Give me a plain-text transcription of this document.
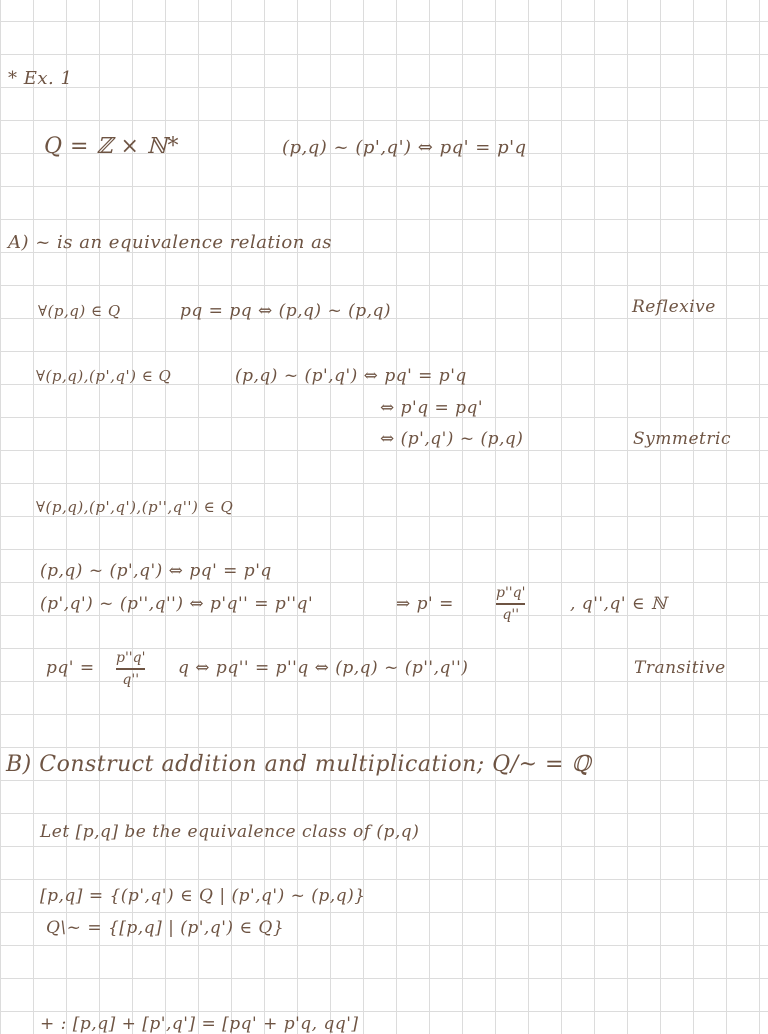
* Ex. 1
Q = ℤ × ℕ*	(p,q) ~ (p',q') ⇔ pq' = p'q
A) ~ is an equivalence relation as
∀(p,q) ∈ Q	pq = pq ⇔ (p,q) ~ (p,q)	Reflexive
∀(p,q),(p',q') ∈ Q	(p,q) ~ (p',q') ⇔ pq' = p'q
⇔ p'q = pq'
⇔ (p',q') ~ (p,q)	Symmetric
∀(p,q),(p',q'),(p'',q'') ∈ Q
(p,q) ~ (p',q') ⇔ pq' = p'q
(p',q') ~ (p'',q'') ⇔ p'q'' = p''q'	⇒ p' =
p''q'
q''
, q'',q' ∈ ℕ
pq' = p''q'
q''
q ⇔ pq'' = p''q ⇔ (p,q) ~ (p'',q'')	Transitive
B) Construct addition and multiplication; Q/~ = ℚ
Let [p,q] be the equivalence class of (p,q)
[p,q] = {(p',q') ∈ Q | (p',q') ~ (p,q)}
Q\~ = {[p,q] | (p',q') ∈ Q}
+ : [p,q] + [p',q'] = [pq' + p'q, qq']
